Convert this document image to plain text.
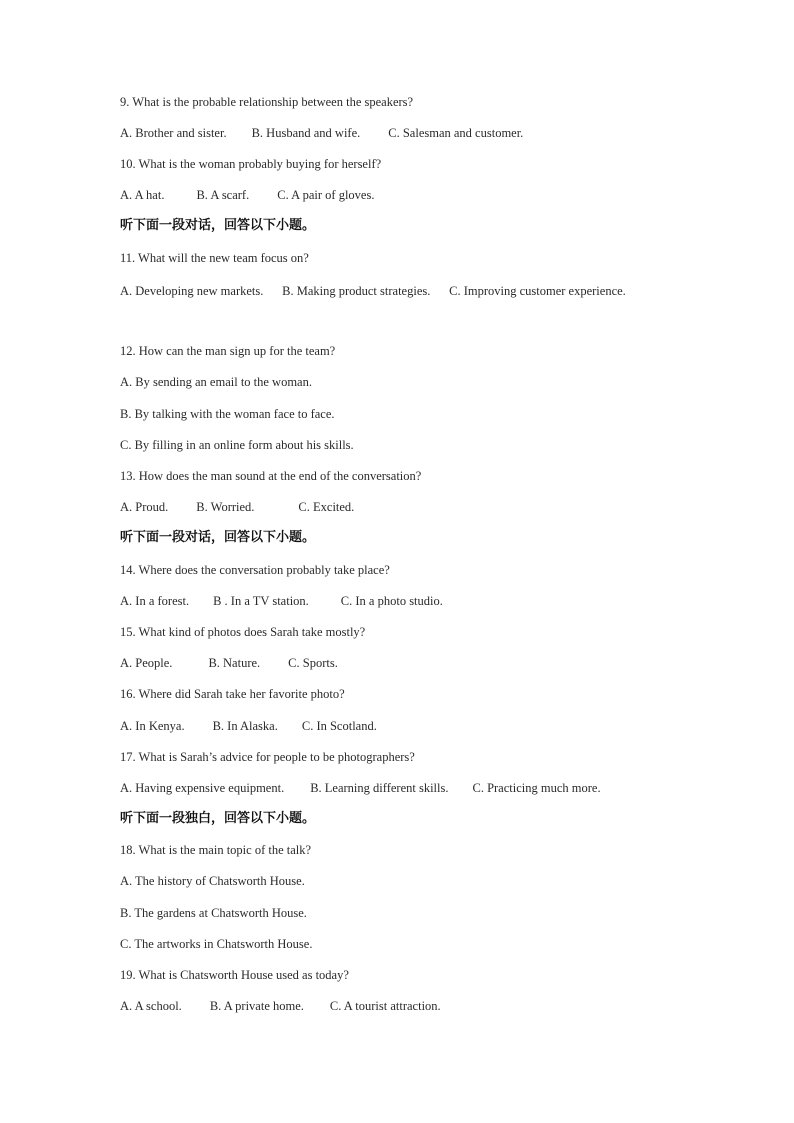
9. What is the probable relationship between the speakers?
A. Brother and sister. B. Husband and wife. C. Salesman and customer.
10. What is the woman probably buying for herself?
A. A hat.	B. A scarf. C. A pair of gloves.
听下面一段对话，回答以下小题。
11. What will the new team focus on?
A. Developing new markets. B. Making product strategies. C. Improving customer experience.
12. How can the man sign up for the team?
A. By sending an email to the woman.
B. By talking with the woman face to face.
C. By filling in an online form about his skills.
13. How does the man sound at the end of the conversation?
A. Proud. B. Worried.	C. Excited.
听下面一段对话，回答以下小题。
14. Where does the conversation probably take place?
A. In a forest. B . In a TV station.	C. In a photo studio.
15. What kind of photos does Sarah take mostly?
A. People.	B. Nature. C. Sports.
16. Where did Sarah take her favorite photo?
A. In Kenya. B. In Alaska. C. In Scotland.
17. What is Sarah’s advice for people to be photographers?
A. Having expensive equipment. B. Learning different skills. C. Practicing much more.
听下面一段独白，回答以下小题。
18. What is the main topic of the talk?
A. The history of Chatsworth House.
B. The gardens at Chatsworth House.
C. The artworks in Chatsworth House.
19. What is Chatsworth House used as today?
A. A school. B. A private home. C. A tourist attraction.
